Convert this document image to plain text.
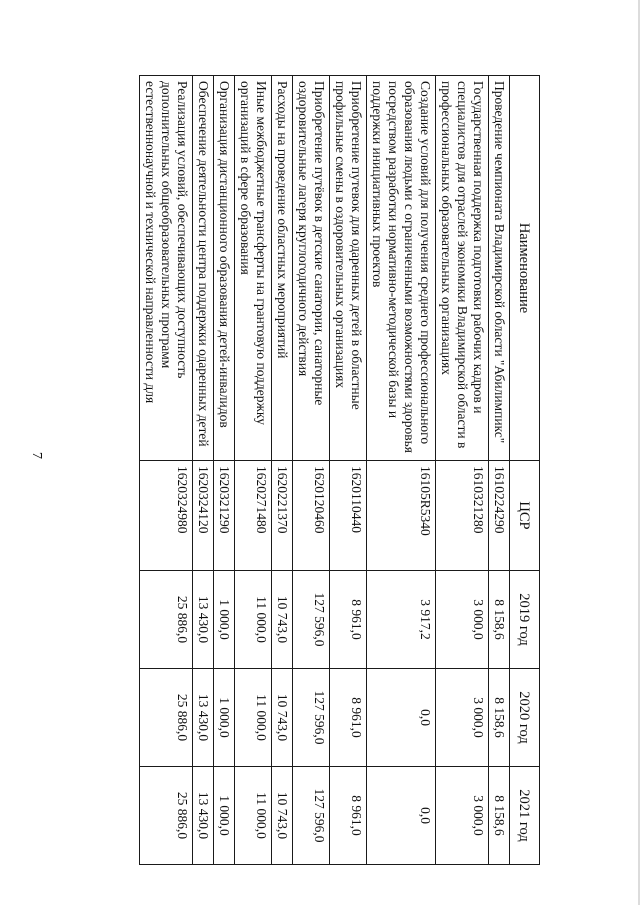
7
Наименование	ЦСР	2019 год	2020 год	2021 год
Проведение чемпионата Владимирской области "Абилимпикс"	1610224290	8 158,6	8 158,6	8 158,6
Государственная поддержка подготовки рабочих кадров и специалистов для отраслей экономики Владимирской области в профессиональных образовательных организациях	1610321280	3 000,0	3 000,0	3 000,0
Создание условий для получения среднего профессионального образования людьми с ограниченными возможностями здоровья посредством разработки нормативно-методической базы и поддержки инициативных проектов	16105R5340	3 917,2	0,0	0,0
Приобретение путевок для одаренных детей в областные профильные смены в оздоровительных организациях	1620110440	8 961,0	8 961,0	8 961,0
Приобретение путёвок в детские санатории, санаторные оздоровительные лагеря круглогодичного действия	1620120460	127 596,0	127 596,0	127 596,0
Расходы на проведение областных мероприятий	1620221370	10 743,0	10 743,0	10 743,0
Иные межбюджетные трансферты на грантовую поддержку организаций в сфере образования	1620271480	11 000,0	11 000,0	11 000,0
Организация дистанционного образования детей-инвалидов	1620321290	1 000,0	1 000,0	1 000,0
Обеспечение деятельности центра поддержки одаренных детей	1620324120	13 430,0	13 430,0	13 430,0
Реализация условий, обеспечивающих доступность дополнительных общеобразовательных программ естественнонаучной и технической направленности для	1620324980	25 886,0	25 886,0	25 886,0
